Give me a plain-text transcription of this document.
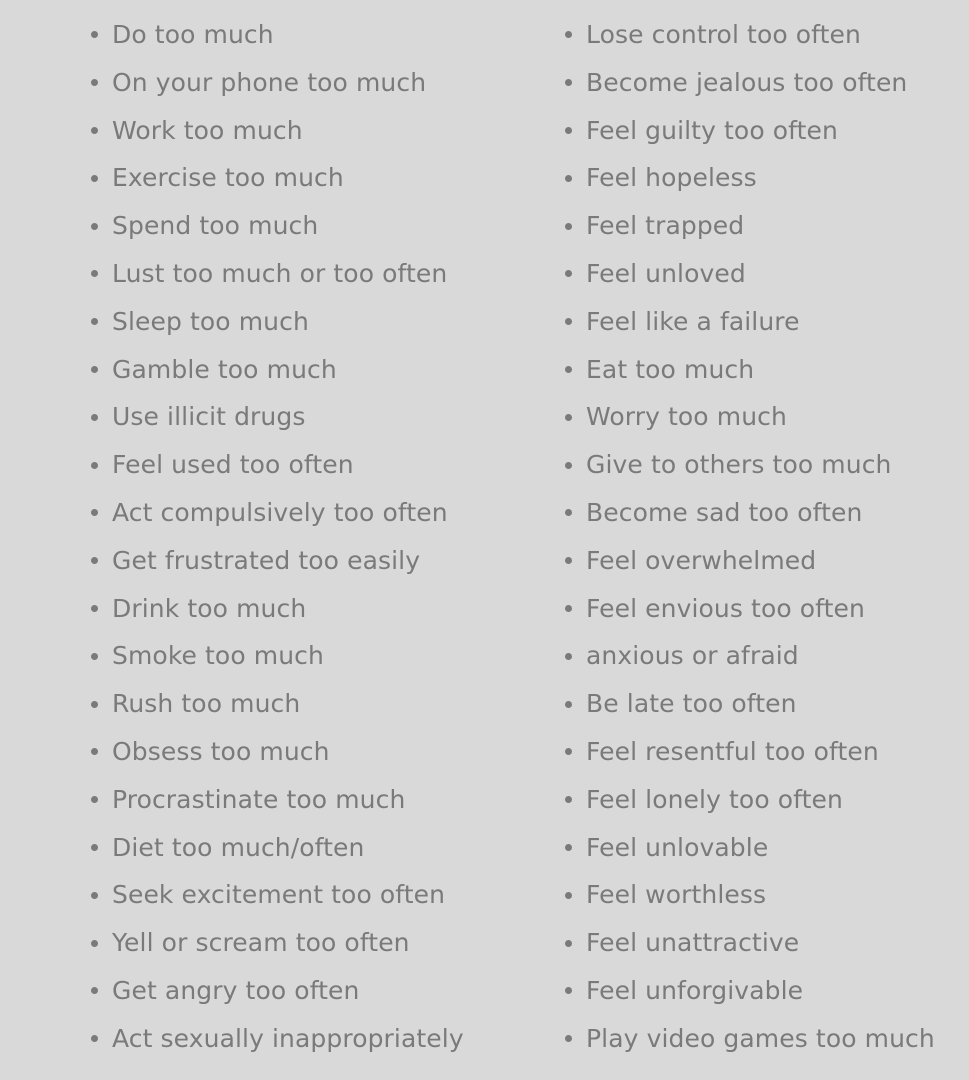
Do too much
On your phone too much
Work too much
Exercise too much
Spend too much
Lust too much or too often
Sleep too much
Gamble too much
Use illicit drugs
Feel used too often
Act compulsively too often
Get frustrated too easily
Drink too much
Smoke too much
Rush too much
Obsess too much
Procrastinate too much
Diet too much/often
Seek excitement too often
Yell or scream too often
Get angry too often
Act sexually inappropriately
Lose control too often
Become jealous too often
Feel guilty too often
Feel hopeless
Feel trapped
Feel unloved
Feel like a failure
Eat too much
Worry too much
Give to others too much
Become sad too often
Feel overwhelmed
Feel envious too often
anxious or afraid
Be late too often
Feel resentful too often
Feel lonely too often
Feel unlovable
Feel worthless
Feel unattractive
Feel unforgivable
Play video games too much
